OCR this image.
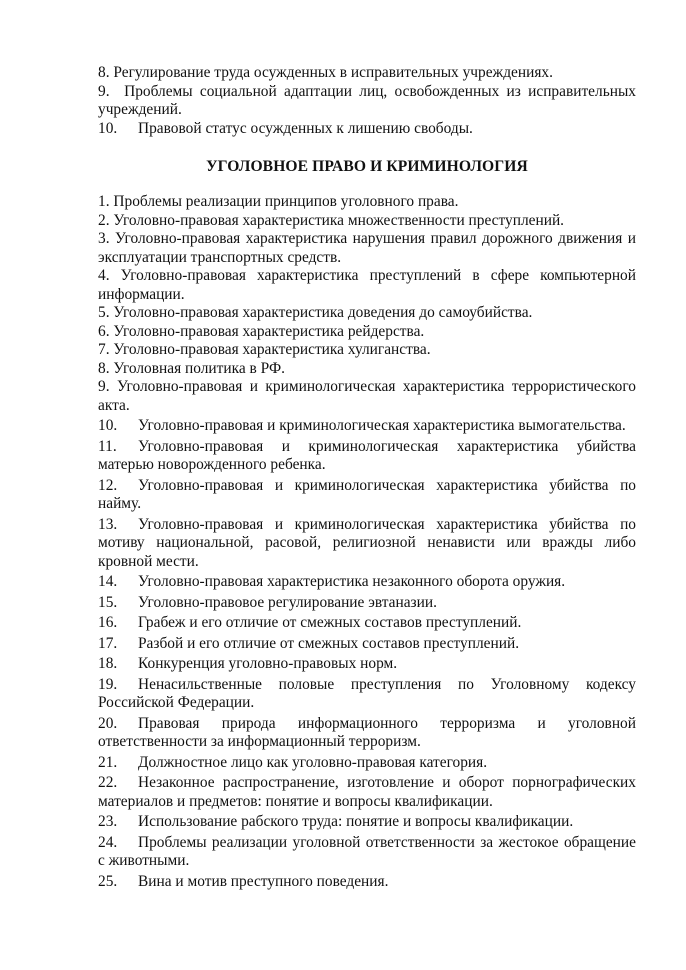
8. Регулирование труда осужденных в исправительных учреждениях.

9. Проблемы социальной адаптации лиц, освобожденных из исправительных учреждений.

10. Правовой статус осужденных к лишению свободы.

УГОЛОВНОЕ ПРАВО И КРИМИНОЛОГИЯ

1. Проблемы реализации принципов уголовного права.

2. Уголовно-правовая характеристика множественности преступлений.

3. Уголовно-правовая характеристика нарушения правил дорожного движения и эксплуатации транспортных средств.

4. Уголовно-правовая характеристика преступлений в сфере компьютерной информации.

5. Уголовно-правовая характеристика доведения до самоубийства.

6. Уголовно-правовая характеристика рейдерства.

7. Уголовно-правовая характеристика хулиганства.

8. Уголовная политика в РФ.

9. Уголовно-правовая и криминологическая характеристика террористического акта.

10. Уголовно-правовая и криминологическая характеристика вымогательства.

11. Уголовно-правовая и криминологическая характеристика убийства матерью новорожденного ребенка.

12. Уголовно-правовая и криминологическая характеристика убийства по найму.

13. Уголовно-правовая и криминологическая характеристика убийства по мотиву национальной, расовой, религиозной ненависти или вражды либо кровной мести.

14. Уголовно-правовая характеристика незаконного оборота оружия.

15. Уголовно-правовое регулирование эвтаназии.

16. Грабеж и его отличие от смежных составов преступлений.

17. Разбой и его отличие от смежных составов преступлений.

18. Конкуренция уголовно-правовых норм.

19. Ненасильственные половые преступления по Уголовному кодексу Российской Федерации.

20. Правовая природа информационного терроризма и уголовной ответственности за информационный терроризм.

21. Должностное лицо как уголовно-правовая категория.

22. Незаконное распространение, изготовление и оборот порнографических материалов и предметов: понятие и вопросы квалификации.

23. Использование рабского труда: понятие и вопросы квалификации.

24. Проблемы реализации уголовной ответственности за жестокое обращение с животными.

25. Вина и мотив преступного поведения.
